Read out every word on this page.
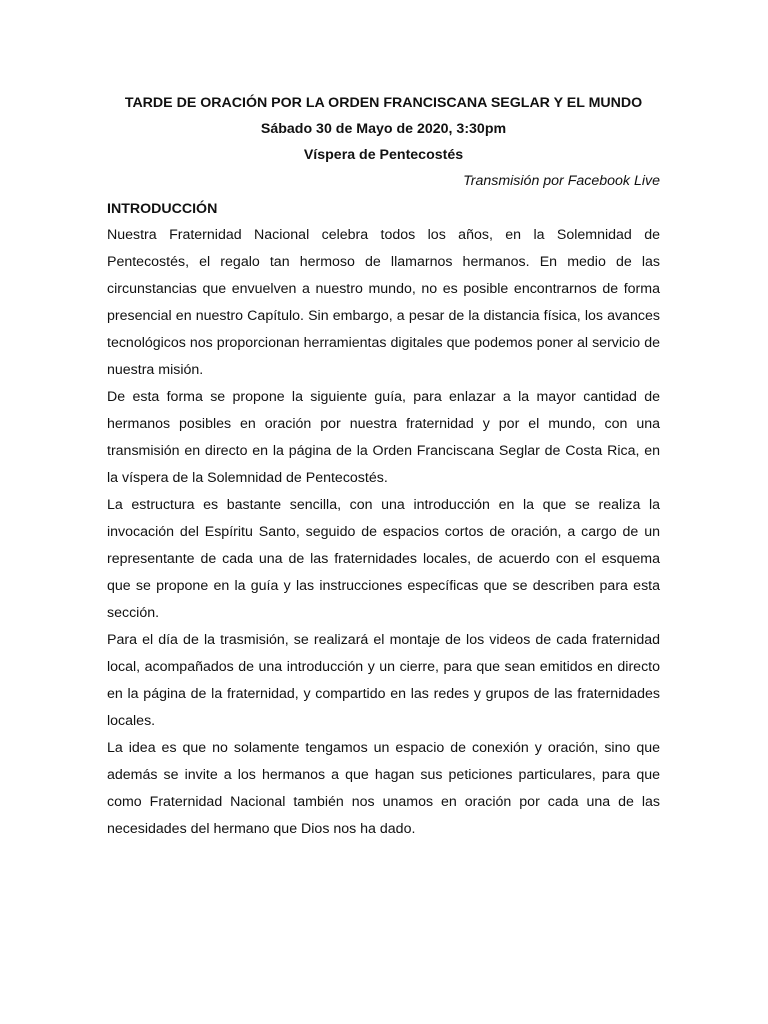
TARDE DE ORACIÓN POR LA ORDEN FRANCISCANA SEGLAR Y EL MUNDO
Sábado 30 de Mayo de 2020, 3:30pm
Víspera de Pentecostés
Transmisión por Facebook Live
INTRODUCCIÓN

Nuestra Fraternidad Nacional celebra todos los años, en la Solemnidad de Pentecostés, el regalo tan hermoso de llamarnos hermanos. En medio de las circunstancias que envuelven a nuestro mundo, no es posible encontrarnos de forma presencial en nuestro Capítulo. Sin embargo, a pesar de la distancia física, los avances tecnológicos nos proporcionan herramientas digitales que podemos poner al servicio de nuestra misión.

De esta forma se propone la siguiente guía, para enlazar a la mayor cantidad de hermanos posibles en oración por nuestra fraternidad y por el mundo, con una transmisión en directo en la página de la Orden Franciscana Seglar de Costa Rica, en la víspera de la Solemnidad de Pentecostés.

La estructura es bastante sencilla, con una introducción en la que se realiza la invocación del Espíritu Santo, seguido de espacios cortos de oración, a cargo de un representante de cada una de las fraternidades locales, de acuerdo con el esquema que se propone en la guía y las instrucciones específicas que se describen para esta sección.

Para el día de la trasmisión, se realizará el montaje de los videos de cada fraternidad local, acompañados de una introducción y un cierre, para que sean emitidos en directo en la página de la fraternidad, y compartido en las redes y grupos de las fraternidades locales.

La idea es que no solamente tengamos un espacio de conexión y oración, sino que además se invite a los hermanos a que hagan sus peticiones particulares, para que como Fraternidad Nacional también nos unamos en oración por cada una de las necesidades del hermano que Dios nos ha dado.
